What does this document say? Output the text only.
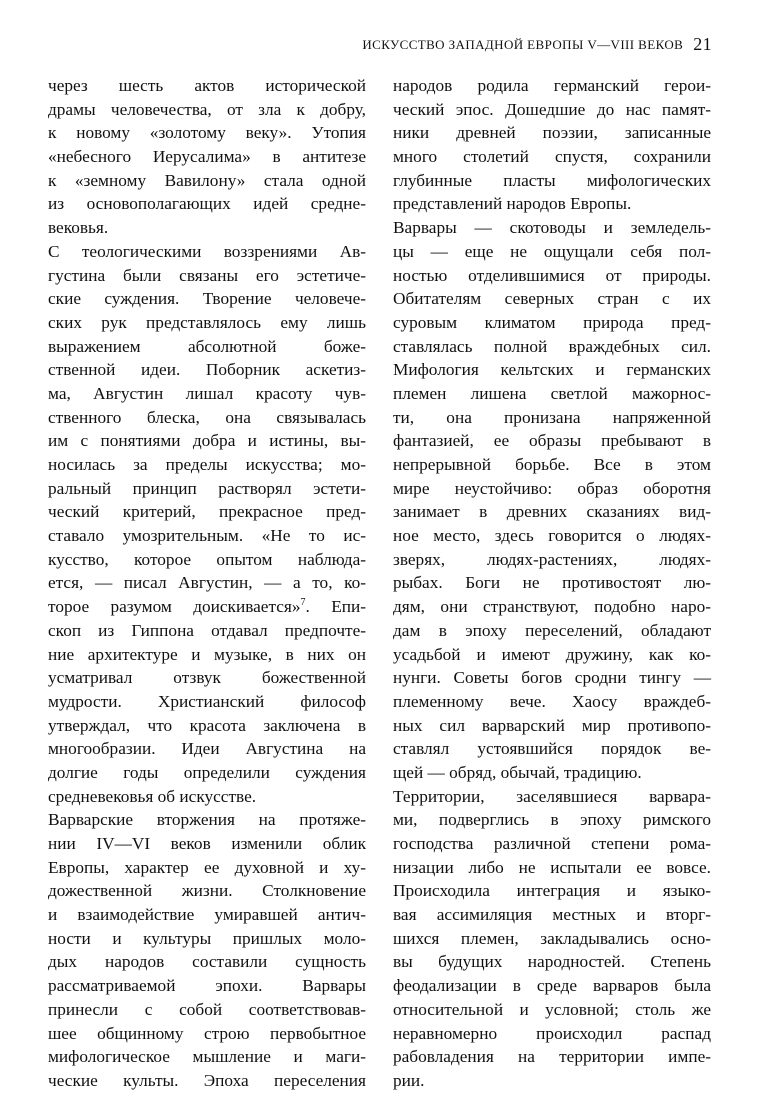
ИСКУССТВО ЗАПАДНОЙ ЕВРОПЫ V—VIII ВЕКОВ 21
через шесть актов исторической
драмы человечества, от зла к добру,
к новому «золотому веку». Утопия
«небесного Иерусалима» в антитезе
к «земному Вавилону» стала одной
из основополагающих идей средне-
вековья.
С теологическими воззрениями Ав-
густина были связаны его эстетиче-
ские суждения. Творение человече-
ских рук представлялось ему лишь
выражением абсолютной боже-
ственной идеи. Поборник аскетиз-
ма, Августин лишал красоту чув-
ственного блеска, она связывалась
им с понятиями добра и истины, вы-
носилась за пределы искусства; мо-
ральный принцип растворял эстети-
ческий критерий, прекрасное пред-
ставало умозрительным. «Не то ис-
кусство, которое опытом наблюда-
ется, — писал Августин, — а то, ко-
торое разумом доискивается»$^7$. Епи-
скоп из Гиппона отдавал предпочте-
ние архитектуре и музыке, в них он
усматривал отзвук божественной
мудрости. Христианский философ
утверждал, что красота заключена в
многообразии. Идеи Августина на
долгие годы определили суждения
средневековья об искусстве.
Варварские вторжения на протяже-
нии IV—VI веков изменили облик
Европы, характер ее духовной и ху-
дожественной жизни. Столкновение
и взаимодействие умиравшей антич-
ности и культуры пришлых моло-
дых народов составили сущность
рассматриваемой эпохи. Варвары
принесли с собой соответствовав-
шее общинному строю первобытное
мифологическое мышление и маги-
ческие культы. Эпоха переселения
народов родила германский герои-
ческий эпос. Дошедшие до нас памят-
ники древней поэзии, записанные
много столетий спустя, сохранили
глубинные пласты мифологических
представлений народов Европы.
Варвары — скотоводы и земледель-
цы — еще не ощущали себя пол-
ностью отделившимися от природы.
Обитателям северных стран с их
суровым климатом природа пред-
ставлялась полной враждебных сил.
Мифология кельтских и германских
племен лишена светлой мажорнос-
ти, она пронизана напряженной
фантазией, ее образы пребывают в
непрерывной борьбе. Все в этом
мире неустойчиво: образ оборотня
занимает в древних сказаниях вид-
ное место, здесь говорится о людях-
зверях, людях-растениях, людях-
рыбах. Боги не противостоят лю-
дям, они странствуют, подобно наро-
дам в эпоху переселений, обладают
усадьбой и имеют дружину, как ко-
нунги. Советы богов сродни тингу —
племенному вече. Хаосу враждеб-
ных сил варварский мир противопо-
ставлял устоявшийся порядок ве-
щей — обряд, обычай, традицию.
Территории, заселявшиеся варвара-
ми, подверглись в эпоху римского
господства различной степени рома-
низации либо не испытали ее вовсе.
Происходила интеграция и языко-
вая ассимиляция местных и вторг-
шихся племен, закладывались осно-
вы будущих народностей. Степень
феодализации в среде варваров была
относительной и условной; столь же
неравномерно происходил распад
рабовладения на территории импе-
рии.
